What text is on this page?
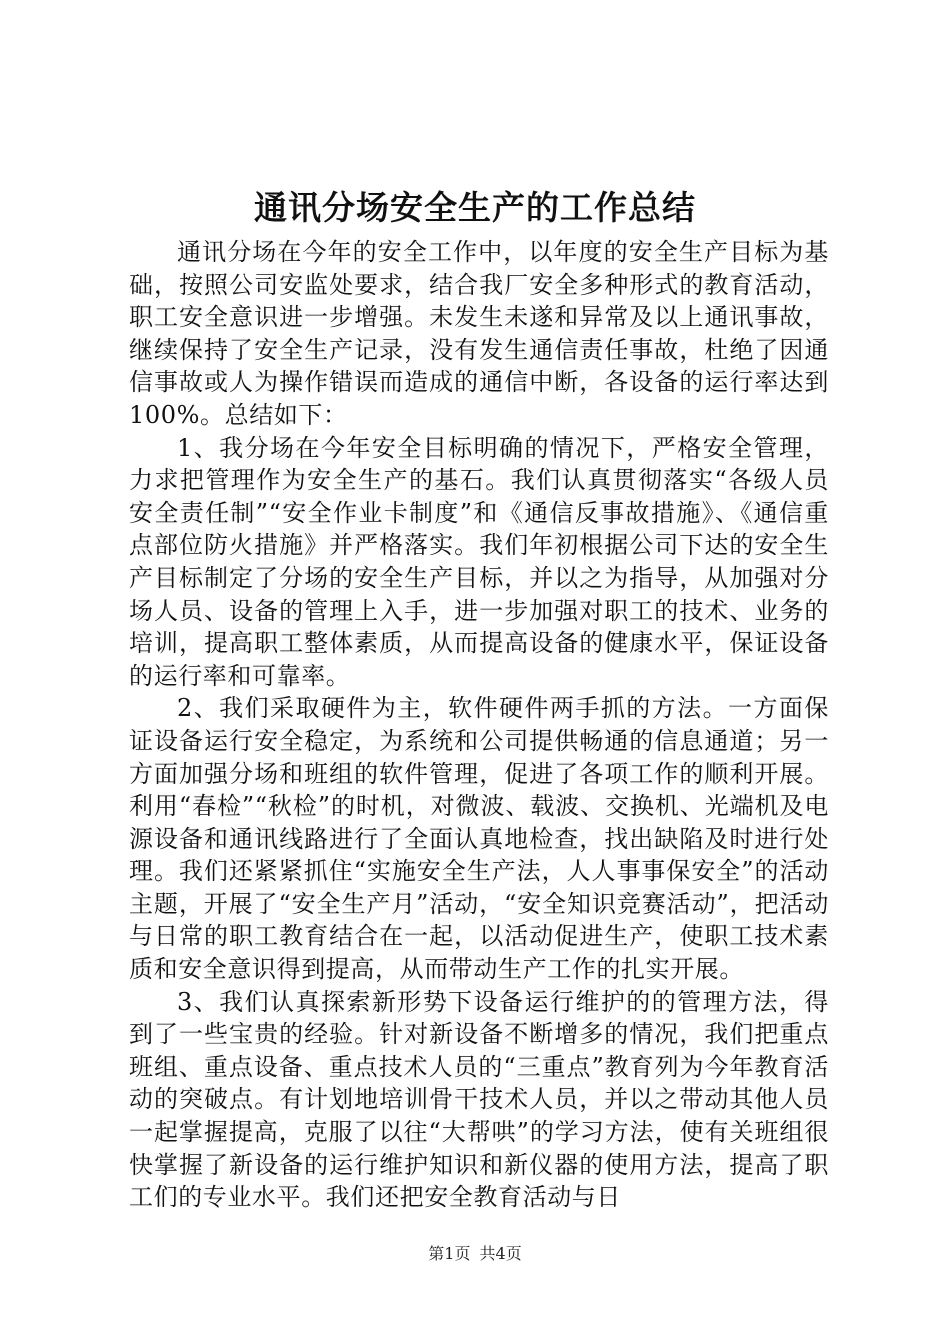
通讯分场安全生产的工作总结

通讯分场在今年的安全工作中，以年度的安全生产目标为基础，按照公司安监处要求，结合我厂安全多种形式的教育活动，职工安全意识进一步增强。未发生未遂和异常及以上通讯事故，继续保持了安全生产记录，没有发生通信责任事故，杜绝了因通信事故或人为操作错误而造成的通信中断，各设备的运行率达到100%。总结如下：

1、我分场在今年安全目标明确的情况下，严格安全管理，力求把管理作为安全生产的基石。我们认真贯彻落实“各级人员安全责任制”“安全作业卡制度”和《通信反事故措施》、《通信重点部位防火措施》并严格落实。我们年初根据公司下达的安全生产目标制定了分场的安全生产目标，并以之为指导，从加强对分场人员、设备的管理上入手，进一步加强对职工的技术、业务的培训，提高职工整体素质，从而提高设备的健康水平，保证设备的运行率和可靠率。

2、我们采取硬件为主，软件硬件两手抓的方法。一方面保证设备运行安全稳定，为系统和公司提供畅通的信息通道；另一方面加强分场和班组的软件管理，促进了各项工作的顺利开展。利用“春检”“秋检”的时机，对微波、载波、交换机、光端机及电源设备和通讯线路进行了全面认真地检查，找出缺陷及时进行处理。我们还紧紧抓住“实施安全生产法，人人事事保安全”的活动主题，开展了“安全生产月”活动，“安全知识竞赛活动”，把活动与日常的职工教育结合在一起，以活动促进生产，使职工技术素质和安全意识得到提高，从而带动生产工作的扎实开展。

3、我们认真探索新形势下设备运行维护的的管理方法，得到了一些宝贵的经验。针对新设备不断增多的情况，我们把重点班组、重点设备、重点技术人员的“三重点”教育列为今年教育活动的突破点。有计划地培训骨干技术人员，并以之带动其他人员一起掌握提高，克服了以往“大帮哄”的学习方法，使有关班组很快掌握了新设备的运行维护知识和新仪器的使用方法，提高了职工们的专业水平。我们还把安全教育活动与日

第1页 共4页
